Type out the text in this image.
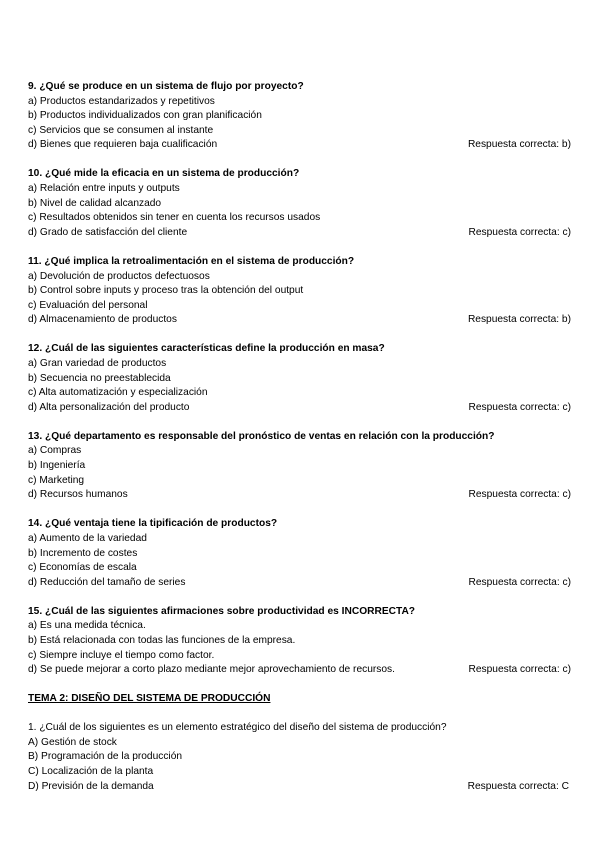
9. ¿Qué se produce en un sistema de flujo por proyecto?
a) Productos estandarizados y repetitivos
b) Productos individualizados con gran planificación
c) Servicios que se consumen al instante
d) Bienes que requieren baja cualificación	Respuesta correcta: b)
10. ¿Qué mide la eficacia en un sistema de producción?
a) Relación entre inputs y outputs
b) Nivel de calidad alcanzado
c) Resultados obtenidos sin tener en cuenta los recursos usados
d) Grado de satisfacción del cliente	Respuesta correcta: c)
11. ¿Qué implica la retroalimentación en el sistema de producción?
a) Devolución de productos defectuosos
b) Control sobre inputs y proceso tras la obtención del output
c) Evaluación del personal
d) Almacenamiento de productos	Respuesta correcta: b)
12. ¿Cuál de las siguientes características define la producción en masa?
a) Gran variedad de productos
b) Secuencia no preestablecida
c) Alta automatización y especialización
d) Alta personalización del producto	Respuesta correcta: c)
13. ¿Qué departamento es responsable del pronóstico de ventas en relación con la producción?
a) Compras
b) Ingeniería
c) Marketing
d) Recursos humanos	Respuesta correcta: c)
14. ¿Qué ventaja tiene la tipificación de productos?
a) Aumento de la variedad
b) Incremento de costes
c) Economías de escala
d) Reducción del tamaño de series	Respuesta correcta: c)
15. ¿Cuál de las siguientes afirmaciones sobre productividad es INCORRECTA?
a) Es una medida técnica.
b) Está relacionada con todas las funciones de la empresa.
c) Siempre incluye el tiempo como factor.
d) Se puede mejorar a corto plazo mediante mejor aprovechamiento de recursos.	Respuesta correcta: c)
TEMA 2: DISEÑO DEL SISTEMA DE PRODUCCIÓN
1. ¿Cuál de los siguientes es un elemento estratégico del diseño del sistema de producción?
A) Gestión de stock
B) Programación de la producción
C) Localización de la planta
D) Previsión de la demanda	Respuesta correcta: C
